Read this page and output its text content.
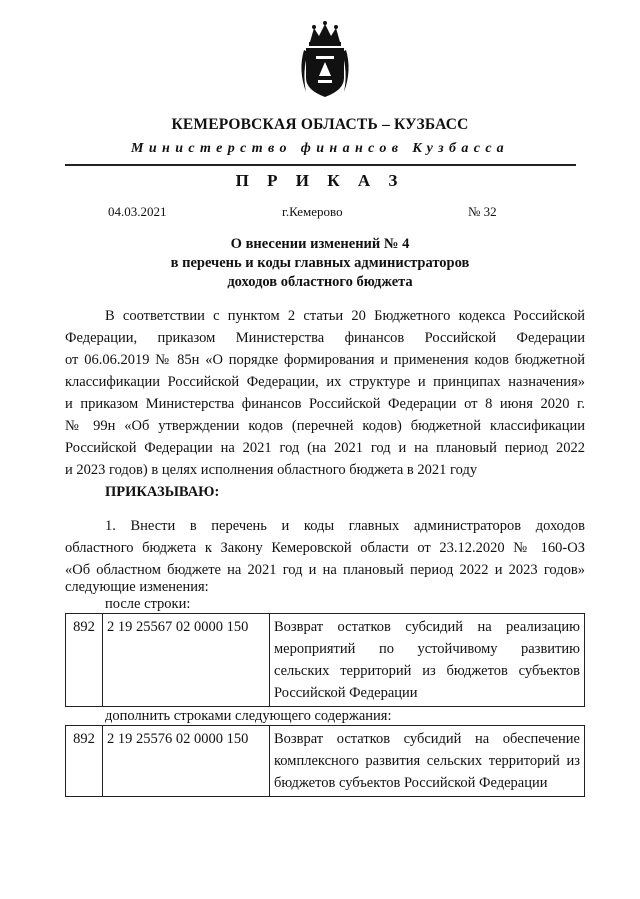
КЕМЕРОВСКАЯ ОБЛАСТЬ – КУЗБАСС
Министерство финансов Кузбасса
П Р И К А З
04.03.2021	г.Кемерово	№ 32
О внесении изменений № 4
в перечень и коды главных администраторов
доходов областного бюджета
В соответствии с пунктом 2 статьи 20 Бюджетного кодекса Российской
Федерации, приказом Министерства финансов Российской Федерации
от 06.06.2019 № 85н «О порядке формирования и применения кодов бюджетной
классификации Российской Федерации, их структуре и принципах назначения»
и приказом Министерства финансов Российской Федерации от 8 июня 2020 г.
№ 99н «Об утверждении кодов (перечней кодов) бюджетной классификации
Российской Федерации на 2021 год (на 2021 год и на плановый период 2022
и 2023 годов) в целях исполнения областного бюджета в 2021 году
ПРИКАЗЫВАЮ:
1. Внести в перечень и коды главных администраторов доходов
областного бюджета к Закону Кемеровской области от 23.12.2020 № 160-ОЗ
«Об областном бюджете на 2021 год и на плановый период 2022 и 2023 годов»
следующие изменения:
после строки:
892	2 19 25567 02 0000 150	Возврат остатков субсидий на реализацию
мероприятий по устойчивому развитию
сельских территорий из бюджетов субъектов
Российской Федерации
дополнить строками следующего содержания:
892	2 19 25576 02 0000 150	Возврат остатков субсидий на обеспечение
комплексного развития сельских территорий из
бюджетов субъектов Российской Федерации
